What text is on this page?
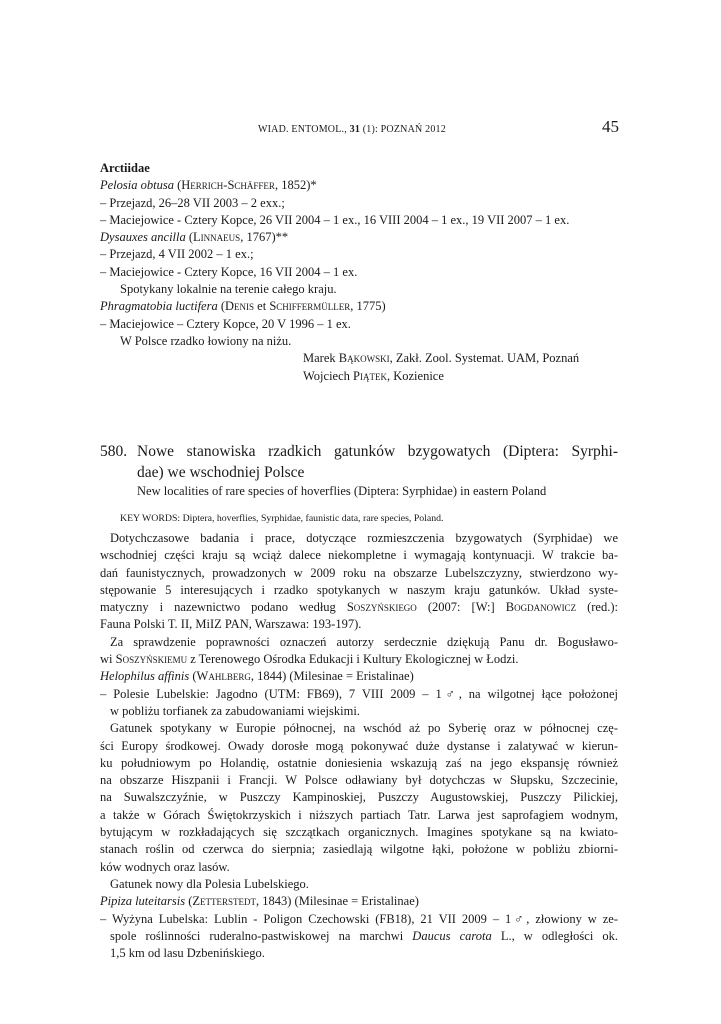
WIAD. ENTOMOL., 31 (1): POZNAŃ 2012	45
Arctiidae
Pelosia obtusa (Herrich-Schäffer, 1852)*
– Przejazd, 26–28 VII 2003 – 2 exx.;
– Maciejowice - Cztery Kopce, 26 VII 2004 – 1 ex., 16 VIII 2004 – 1 ex., 19 VII 2007 – 1 ex.
Dysauxes ancilla (Linnaeus, 1767)**
– Przejazd, 4 VII 2002 – 1 ex.;
– Maciejowice - Cztery Kopce, 16 VII 2004 – 1 ex.
Spotykany lokalnie na terenie całego kraju.
Phragmatobia luctifera (Denis et Schiffermüller, 1775)
– Maciejowice – Cztery Kopce, 20 V 1996 – 1 ex.
W Polsce rzadko łowiony na niżu.
Marek Bąkowski, Zakł. Zool. Systemat. UAM, Poznań
Wojciech Piątek, Kozienice
580. Nowe stanowiska rzadkich gatunków bzygowatych (Diptera: Syrphi-
dae) we wschodniej Polsce
New localities of rare species of hoverflies (Diptera: Syrphidae) in eastern Poland
KEY WORDS: Diptera, hoverflies, Syrphidae, faunistic data, rare species, Poland.
Dotychczasowe badania i prace, dotyczące rozmieszczenia bzygowatych (Syrphidae) we
wschodniej części kraju są wciąż dalece niekompletne i wymagają kontynuacji. W trakcie ba-
dań faunistycznych, prowadzonych w 2009 roku na obszarze Lubelszczyzny, stwierdzono wy-
stępowanie 5 interesujących i rzadko spotykanych w naszym kraju gatunków. Układ syste-
matyczny i nazewnictwo podano według Soszyńskiego (2007: [W:] Bogdanowicz (red.):
Fauna Polski T. II, MiIZ PAN, Warszawa: 193-197).
Za sprawdzenie poprawności oznaczeń autorzy serdecznie dziękują Panu dr. Bogusławo-
wi Soszyńskiemu z Terenowego Ośrodka Edukacji i Kultury Ekologicznej w Łodzi.
Helophilus affinis (Wahlberg, 1844) (Milesinae = Eristalinae)
– Polesie Lubelskie: Jagodno (UTM: FB69), 7 VIII 2009 – 1♂, na wilgotnej łące położonej
w pobliżu torfianek za zabudowaniami wiejskimi.
Gatunek spotykany w Europie północnej, na wschód aż po Syberię oraz w północnej czę-
ści Europy środkowej. Owady dorosłe mogą pokonywać duże dystanse i zalatywać w kierun-
ku południowym po Holandię, ostatnie doniesienia wskazują zaś na jego ekspansję również
na obszarze Hiszpanii i Francji. W Polsce odławiany był dotychczas w Słupsku, Szczecinie,
na Suwalszczyźnie, w Puszczy Kampinoskiej, Puszczy Augustowskiej, Puszczy Pilickiej,
a także w Górach Świętokrzyskich i niższych partiach Tatr. Larwa jest saprofagiem wodnym,
bytującym w rozkładających się szczątkach organicznych. Imagines spotykane są na kwiato-
stanach roślin od czerwca do sierpnia; zasiedlają wilgotne łąki, położone w pobliżu zbiorni-
ków wodnych oraz lasów.
Gatunek nowy dla Polesia Lubelskiego.
Pipiza luteitarsis (Zetterstedt, 1843) (Milesinae = Eristalinae)
– Wyżyna Lubelska: Lublin - Poligon Czechowski (FB18), 21 VII 2009 – 1♂, złowiony w ze-
spole roślinności ruderalno-pastwiskowej na marchwi Daucus carota L., w odległości ok.
1,5 km od lasu Dzbenińskiego.
